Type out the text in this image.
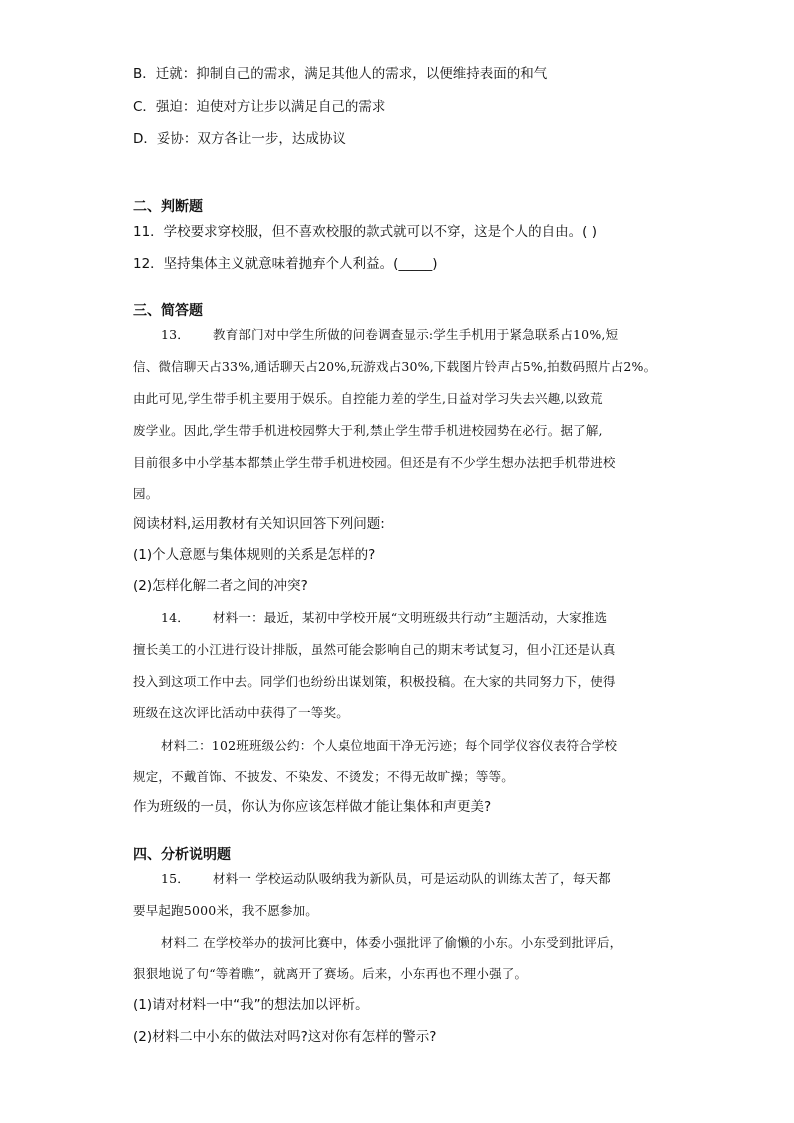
B．迁就：抑制自己的需求，满足其他人的需求，以便维持表面的和气
C．强迫：迫使对方让步以满足自己的需求
D．妥协：双方各让一步，达成协议
二、判断题
11．学校要求穿校服，但不喜欢校服的款式就可以不穿，这是个人的自由。( )
12．坚持集体主义就意味着抛弃个人利益。(_____)
三、简答题
13． 教育部门对中学生所做的问卷调查显示:学生手机用于紧急联系占10%,短
信、微信聊天占33%,通话聊天占20%,玩游戏占30%,下载图片铃声占5%,拍数码照片占2%。
由此可见,学生带手机主要用于娱乐。自控能力差的学生,日益对学习失去兴趣,以致荒
废学业。因此,学生带手机进校园弊大于利,禁止学生带手机进校园势在必行。据了解,
目前很多中小学基本都禁止学生带手机进校园。但还是有不少学生想办法把手机带进校
园。
阅读材料,运用教材有关知识回答下列问题:
(1)个人意愿与集体规则的关系是怎样的?
(2)怎样化解二者之间的冲突?
14． 材料一：最近，某初中学校开展“文明班级共行动”主题活动，大家推选
擅长美工的小江进行设计排版，虽然可能会影响自己的期末考试复习，但小江还是认真
投入到这项工作中去。同学们也纷纷出谋划策，积极投稿。在大家的共同努力下，使得
班级在这次评比活动中获得了一等奖。
材料二：102班班级公约：个人桌位地面干净无污迹；每个同学仪容仪表符合学校
规定，不戴首饰、不披发、不染发、不烫发；不得无故旷操；等等。
作为班级的一员，你认为你应该怎样做才能让集体和声更美?
四、分析说明题
15． 材料一 学校运动队吸纳我为新队员，可是运动队的训练太苦了，每天都
要早起跑5000米，我不愿参加。
材料二 在学校举办的拔河比赛中，体委小强批评了偷懒的小东。小东受到批评后，
狠狠地说了句“等着瞧”，就离开了赛场。后来，小东再也不理小强了。
(1)请对材料一中“我”的想法加以评析。
(2)材料二中小东的做法对吗?这对你有怎样的警示?
